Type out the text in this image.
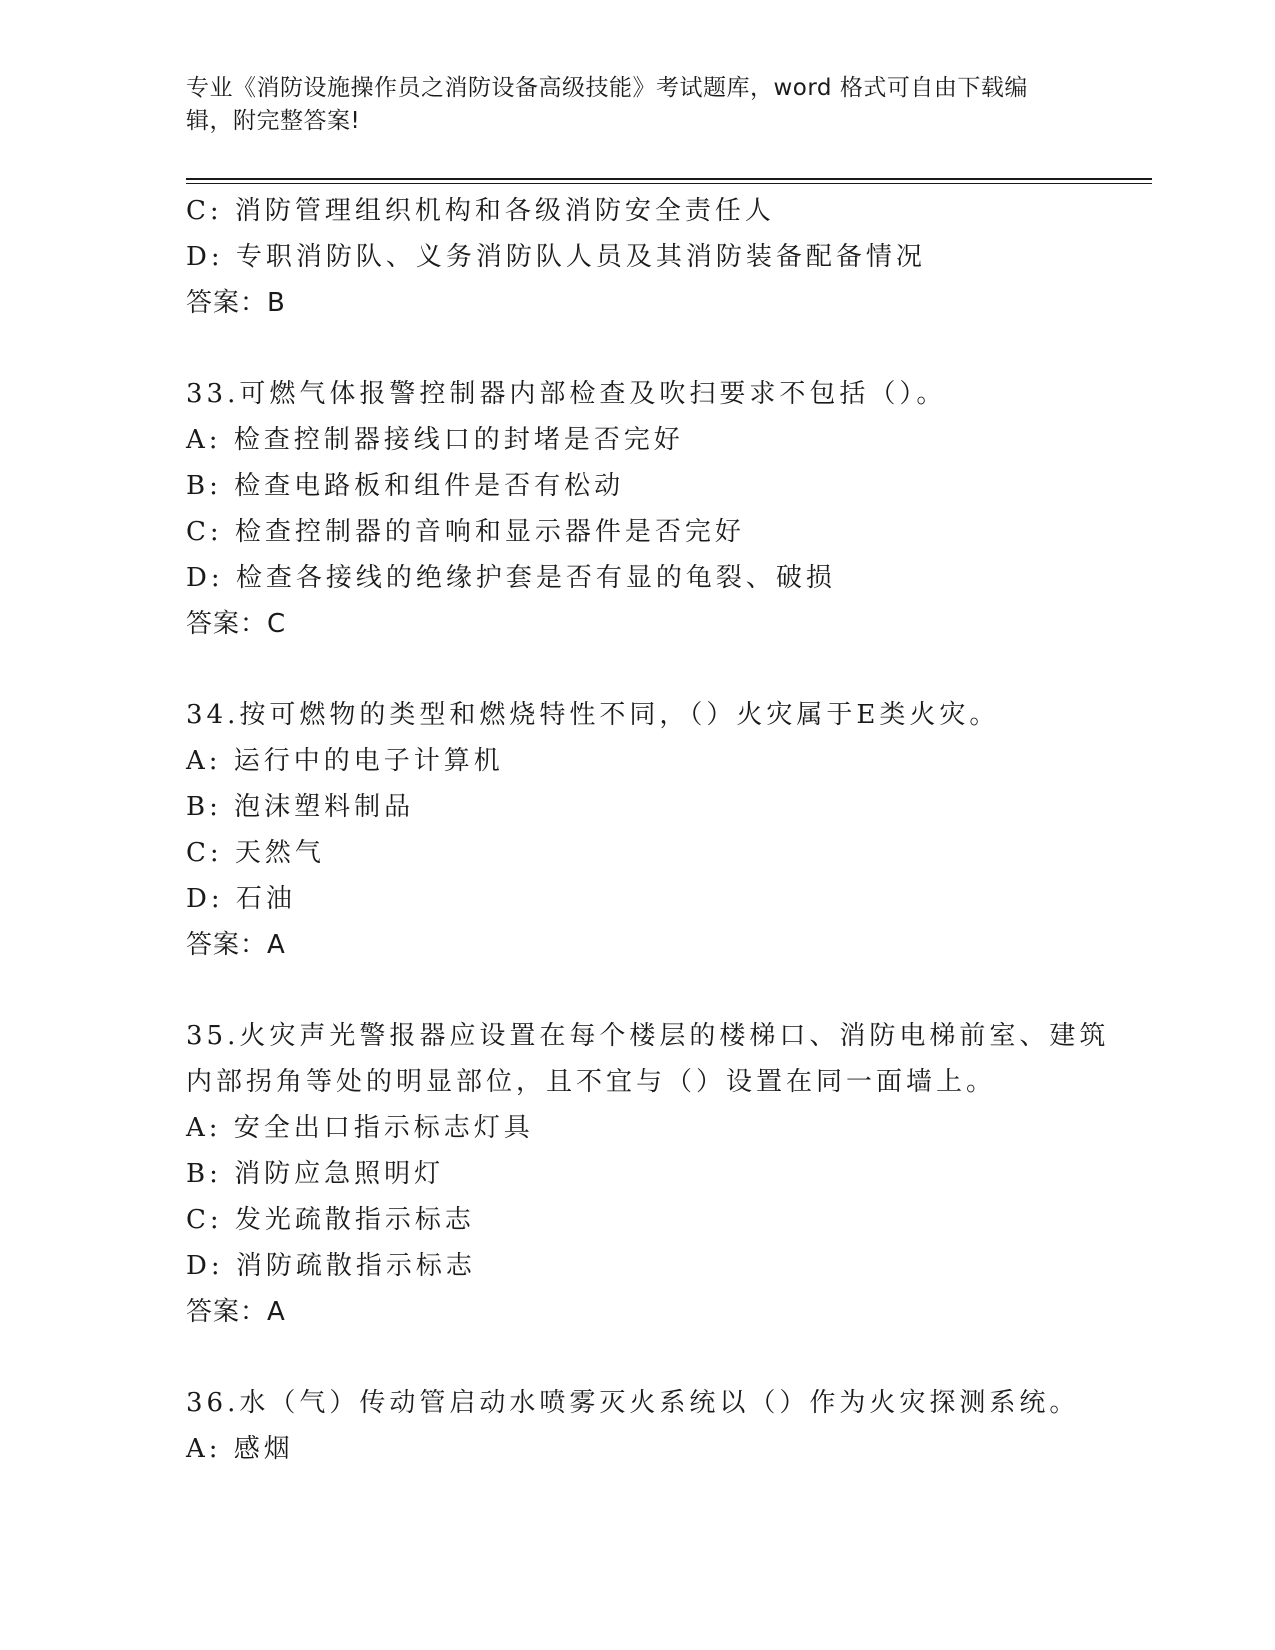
专业《消防设施操作员之消防设备高级技能》考试题库，word 格式可自由下载编
辑，附完整答案!
C: 消防管理组织机构和各级消防安全责任人
D: 专职消防队、义务消防队人员及其消防装备配备情况
答案：B
33.可燃气体报警控制器内部检查及吹扫要求不包括（）。
A: 检查控制器接线口的封堵是否完好
B: 检查电路板和组件是否有松动
C: 检查控制器的音响和显示器件是否完好
D: 检查各接线的绝缘护套是否有显的龟裂、破损
答案：C
34.按可燃物的类型和燃烧特性不同，（）火灾属于E类火灾。
A: 运行中的电子计算机
B: 泡沫塑料制品
C: 天然气
D: 石油
答案：A
35.火灾声光警报器应设置在每个楼层的楼梯口、消防电梯前室、建筑
内部拐角等处的明显部位，且不宜与（）设置在同一面墙上。
A: 安全出口指示标志灯具
B: 消防应急照明灯
C: 发光疏散指示标志
D: 消防疏散指示标志
答案：A
36.水（气）传动管启动水喷雾灭火系统以（）作为火灾探测系统。
A: 感烟
